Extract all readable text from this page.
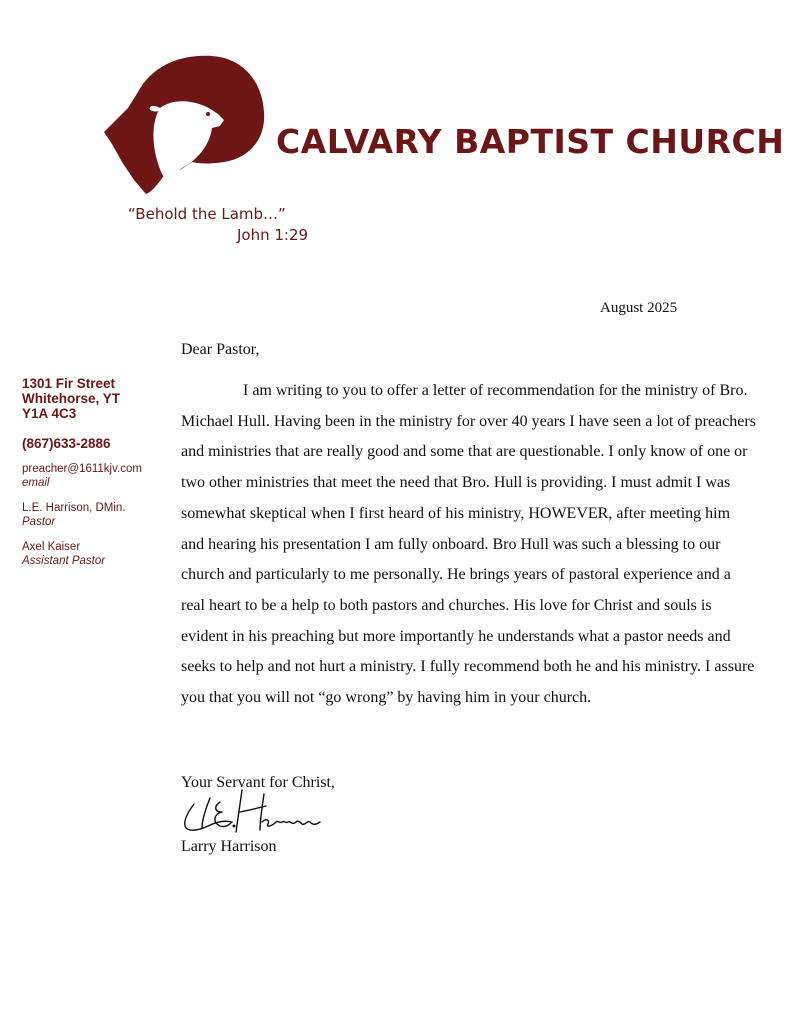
CALVARY BAPTIST CHURCH
“Behold the Lamb…”
John 1:29
1301 Fir Street
Whitehorse, YT
Y1A 4C3
(867)633-2886
preacher@1611kjv.com
email
L.E. Harrison, DMin.
Pastor
Axel Kaiser
Assistant Pastor
August 2025
Dear Pastor,

I am writing to you to offer a letter of recommendation for the ministry of Bro. Michael Hull. Having been in the ministry for over 40 years I have seen a lot of preachers and ministries that are really good and some that are questionable. I only know of one or two other ministries that meet the need that Bro. Hull is providing. I must admit I was somewhat skeptical when I first heard of his ministry, HOWEVER, after meeting him and hearing his presentation I am fully onboard. Bro Hull was such a blessing to our church and particularly to me personally. He brings years of pastoral experience and a real heart to be a help to both pastors and churches. His love for Christ and souls is evident in his preaching but more importantly he understands what a pastor needs and seeks to help and not hurt a ministry. I fully recommend both he and his ministry. I assure you that you will not “go wrong” by having him in your church.

Your Servant for Christ,
Larry Harrison
